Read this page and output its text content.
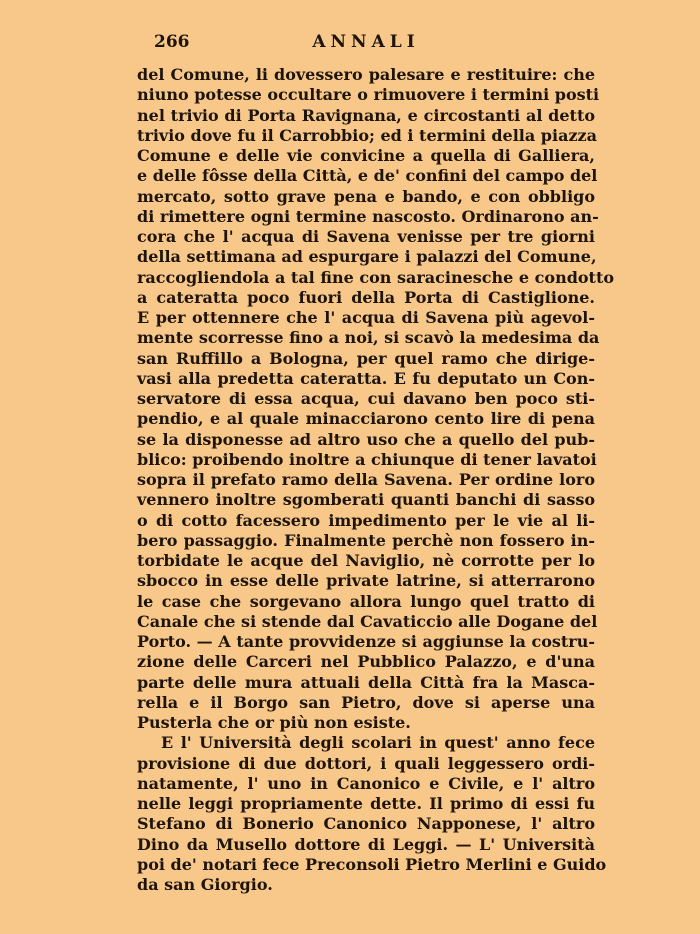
266	ANNALI
del Comune, li dovessero palesare e restituire: che
niuno potesse occultare o rimuovere i termini posti
nel trivio di Porta Ravignana, e circostanti al detto
trivio dove fu il Carrobbio; ed i termini della piazza
Comune e delle vie convicine a quella di Galliera,
e delle fôsse della Città, e de' confini del campo del
mercato, sotto grave pena e bando, e con obbligo
di rimettere ogni termine nascosto. Ordinarono an-
cora che l' acqua di Savena venisse per tre giorni
della settimana ad espurgare i palazzi del Comune,
raccogliendola a tal fine con saracinesche e condotto
a cateratta poco fuori della Porta di Castiglione.
E per ottennere che l' acqua di Savena più agevol-
mente scorresse fino a noi, si scavò la medesima da
san Ruffillo a Bologna, per quel ramo che dirige-
vasi alla predetta cateratta. E fu deputato un Con-
servatore di essa acqua, cui davano ben poco sti-
pendio, e al quale minacciarono cento lire di pena
se la disponesse ad altro uso che a quello del pub-
blico: proibendo inoltre a chiunque di tener lavatoi
sopra il prefato ramo della Savena. Per ordine loro
vennero inoltre sgomberati quanti banchi di sasso
o di cotto facessero impedimento per le vie al li-
bero passaggio. Finalmente perchè non fossero in-
torbidate le acque del Naviglio, nè corrotte per lo
sbocco in esse delle private latrine, si atterrarono
le case che sorgevano allora lungo quel tratto di
Canale che si stende dal Cavaticcio alle Dogane del
Porto. — A tante provvidenze si aggiunse la costru-
zione delle Carceri nel Pubblico Palazzo, e d'una
parte delle mura attuali della Città fra la Masca-
rella e il Borgo san Pietro, dove si aperse una
Pusterla che or più non esiste.
E l' Università degli scolari in quest' anno fece
provisione di due dottori, i quali leggessero ordi-
natamente, l' uno in Canonico e Civile, e l' altro
nelle leggi propriamente dette. Il primo di essi fu
Stefano di Bonerio Canonico Napponese, l' altro
Dino da Musello dottore di Leggi. — L' Università
poi de' notari fece Preconsoli Pietro Merlini e Guido
da san Giorgio.
